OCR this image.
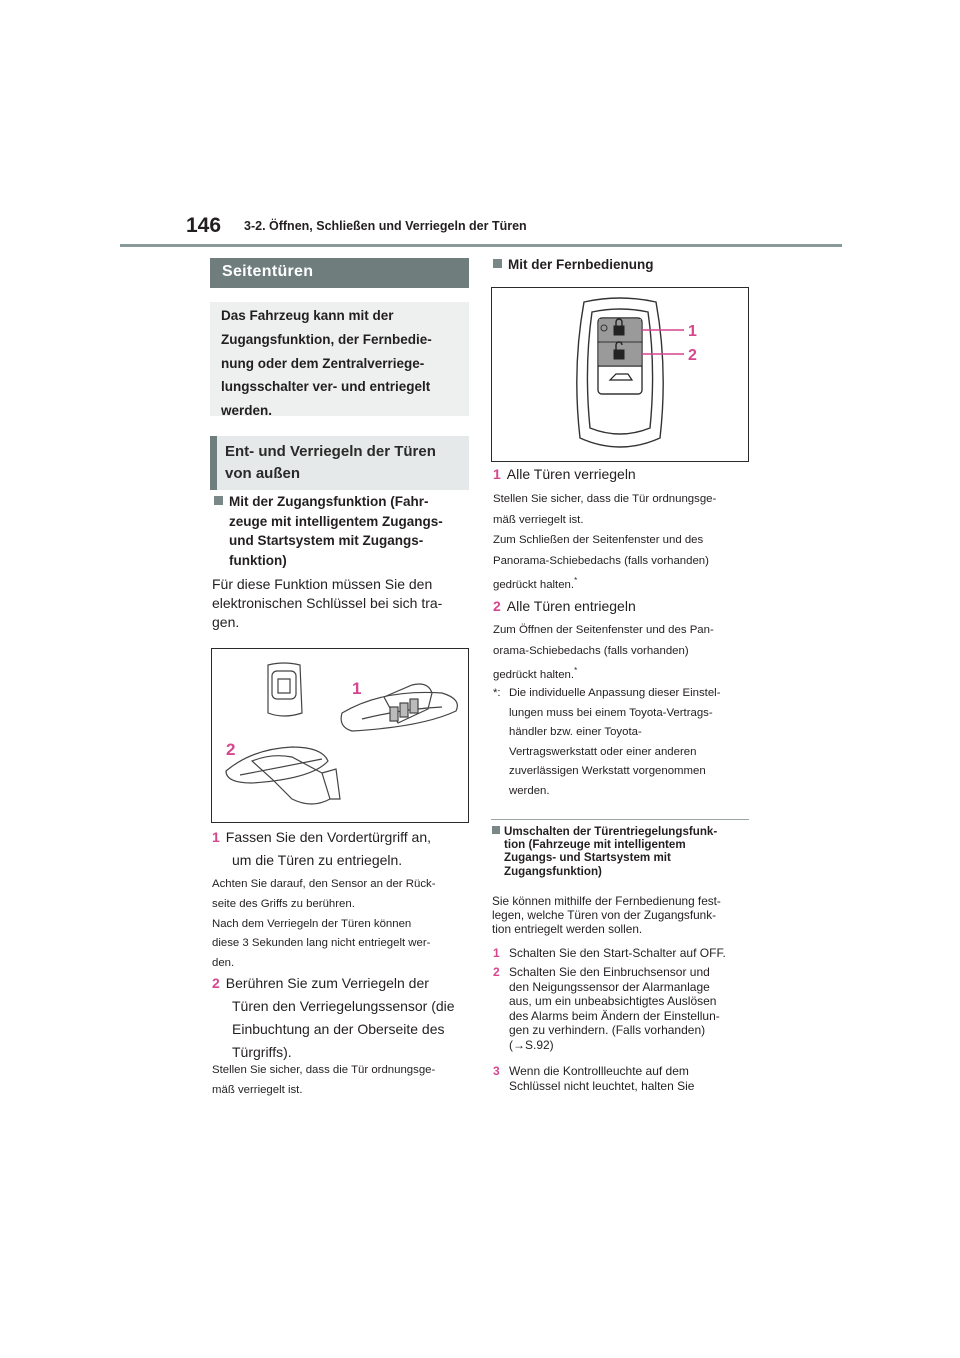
146 3-2. Öffnen, Schließen und Verriegeln der Türen
Seitentüren
Das Fahrzeug kann mit der
Zugangsfunktion, der Fernbedie-
nung oder dem Zentralverriege-
lungsschalter ver- und entriegelt
werden.
Ent- und Verriegeln der Türen
von außen
Mit der Zugangsfunktion (Fahr-
zeuge mit intelligentem Zugangs-
und Startsystem mit Zugangs-
funktion)
Für diese Funktion müssen Sie den
elektronischen Schlüssel bei sich tra-
gen.
1
2
1 Fassen Sie den Vordertürgriff an,
um die Türen zu entriegeln.
Achten Sie darauf, den Sensor an der Rück-
seite des Griffs zu berühren.
Nach dem Verriegeln der Türen können
diese 3 Sekunden lang nicht entriegelt wer-
den.
2 Berühren Sie zum Verriegeln der
Türen den Verriegelungssensor (die
Einbuchtung an der Oberseite des
Türgriffs).
Stellen Sie sicher, dass die Tür ordnungsge-
mäß verriegelt ist.
Mit der Fernbedienung
1
2
1 Alle Türen verriegeln
Stellen Sie sicher, dass die Tür ordnungsge-
mäß verriegelt ist.
Zum Schließen der Seitenfenster und des
Panorama-Schiebedachs (falls vorhanden)
gedrückt halten.*
2 Alle Türen entriegeln
Zum Öffnen der Seitenfenster und des Pan-
orama-Schiebedachs (falls vorhanden)
gedrückt halten.*
*: Die individuelle Anpassung dieser Einstel-
lungen muss bei einem Toyota-Vertrags-
händler bzw. einer Toyota-
Vertragswerkstatt oder einer anderen
zuverlässigen Werkstatt vorgenommen
werden.
Umschalten der Türentriegelungsfunk-
tion (Fahrzeuge mit intelligentem
Zugangs- und Startsystem mit
Zugangsfunktion)
Sie können mithilfe der Fernbedienung fest-
legen, welche Türen von der Zugangsfunk-
tion entriegelt werden sollen.
1 Schalten Sie den Start-Schalter auf OFF.
2 Schalten Sie den Einbruchsensor und
den Neigungssensor der Alarmanlage
aus, um ein unbeabsichtigtes Auslösen
des Alarms beim Ändern der Einstellun-
gen zu verhindern. (Falls vorhanden)
(→S.92)
3 Wenn die Kontrollleuchte auf dem
Schlüssel nicht leuchtet, halten Sie
